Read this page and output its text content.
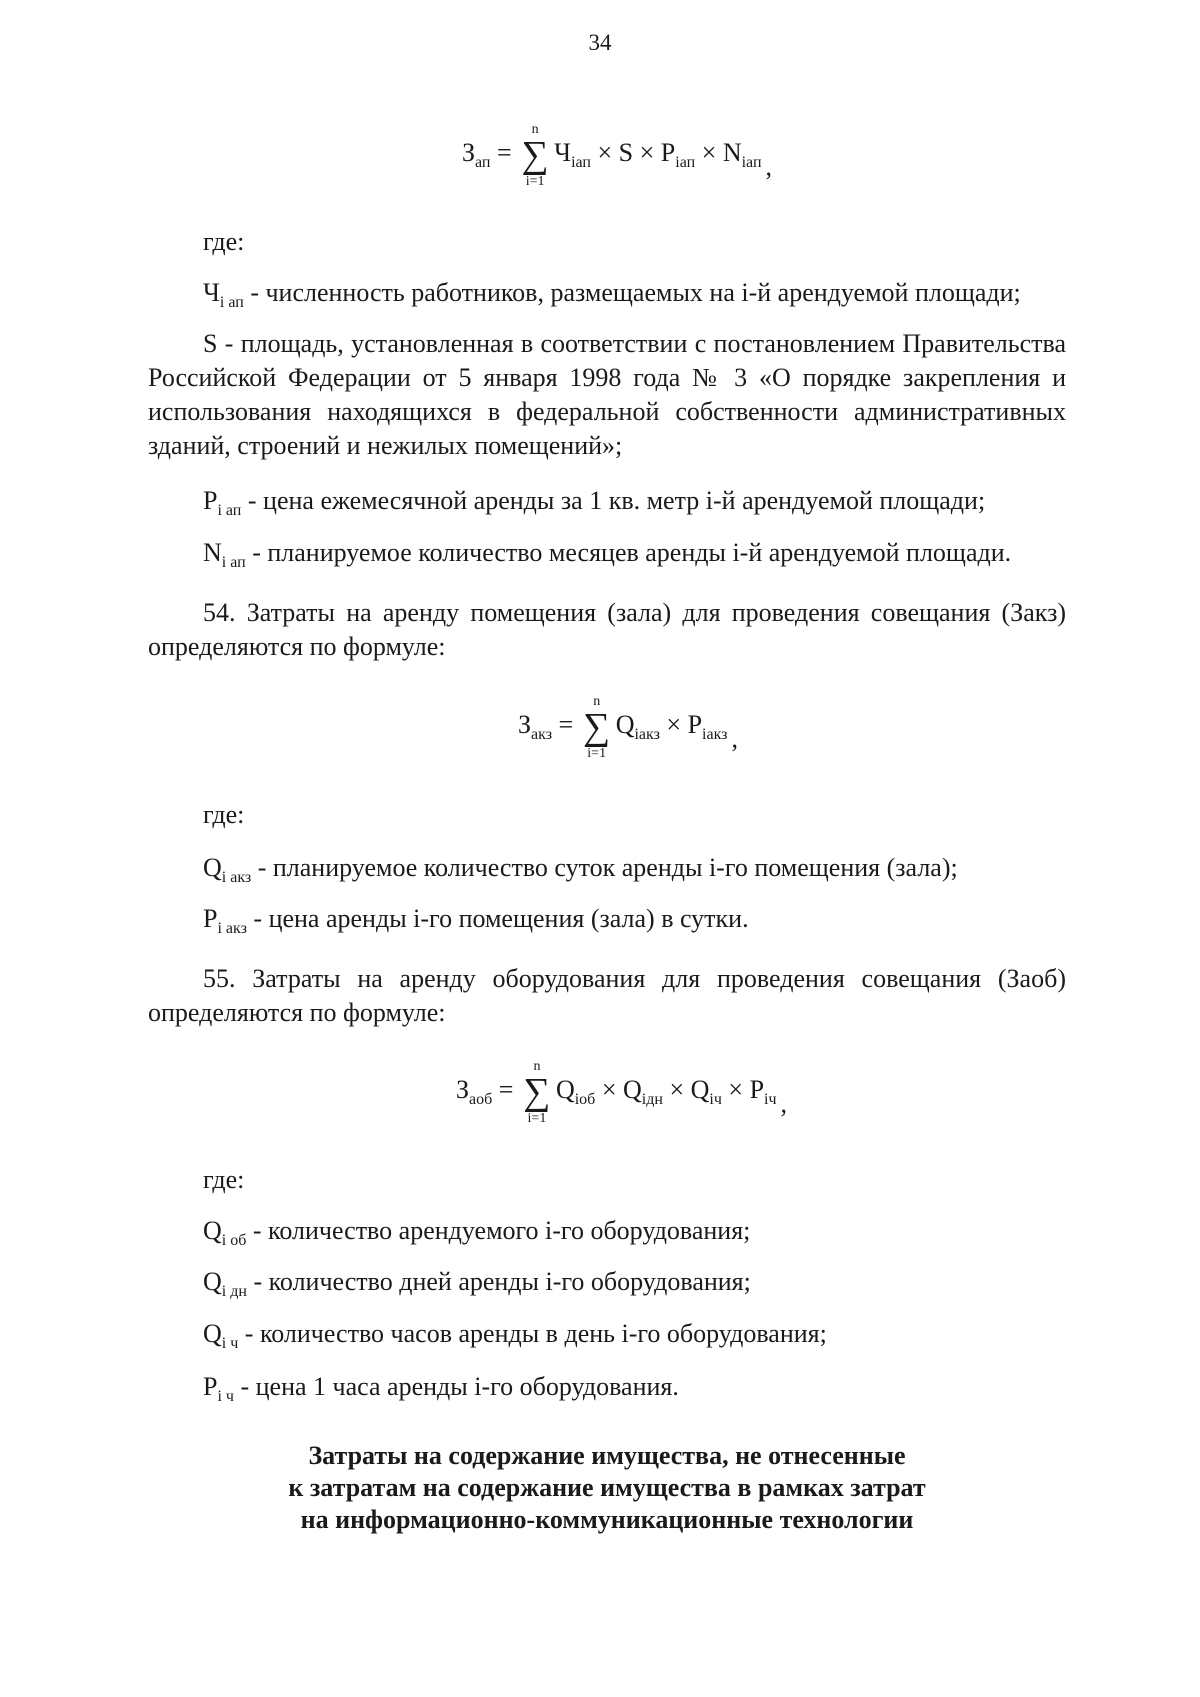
34
$З_{ап}$ =
n
∑
i=1
$Ч_{iап} \times S \times P_{iап} \times N_{iап}$ ,
где:
$Ч_{i ап}$ - численность работников, размещаемых на i-й арендуемой площади;
S - площадь, установленная в соответствии с постановлением Правительства Российской Федерации от 5 января 1998 года № 3 «О порядке закрепления и использования находящихся в федеральной собственности административных зданий, строений и нежилых помещений»;
$P_{i ап}$ - цена ежемесячной аренды за 1 кв. метр i-й арендуемой площади;
$N_{i ап}$ - планируемое количество месяцев аренды i-й арендуемой площади.
54. Затраты на аренду помещения (зала) для проведения совещания (Закз) определяются по формуле:
$З_{акз}$ =
n
∑
i=1
$Q_{iакз} \times P_{iакз}$ ,
где:
$Q_{i акз}$ - планируемое количество суток аренды i-го помещения (зала);
$P_{i акз}$ - цена аренды i-го помещения (зала) в сутки.
55. Затраты на аренду оборудования для проведения совещания (Заоб) определяются по формуле:
$З_{аоб}$ =
n
∑
i=1
$Q_{iоб} \times Q_{iдн} \times Q_{iч} \times P_{iч}$ ,
где:
$Q_{i об}$ - количество арендуемого i-го оборудования;
$Q_{i дн}$ - количество дней аренды i-го оборудования;
$Q_{i ч}$ - количество часов аренды в день i-го оборудования;
$P_{i ч}$ - цена 1 часа аренды i-го оборудования.
Затраты на содержание имущества, не отнесенные
к затратам на содержание имущества в рамках затрат
на информационно-коммуникационные технологии
